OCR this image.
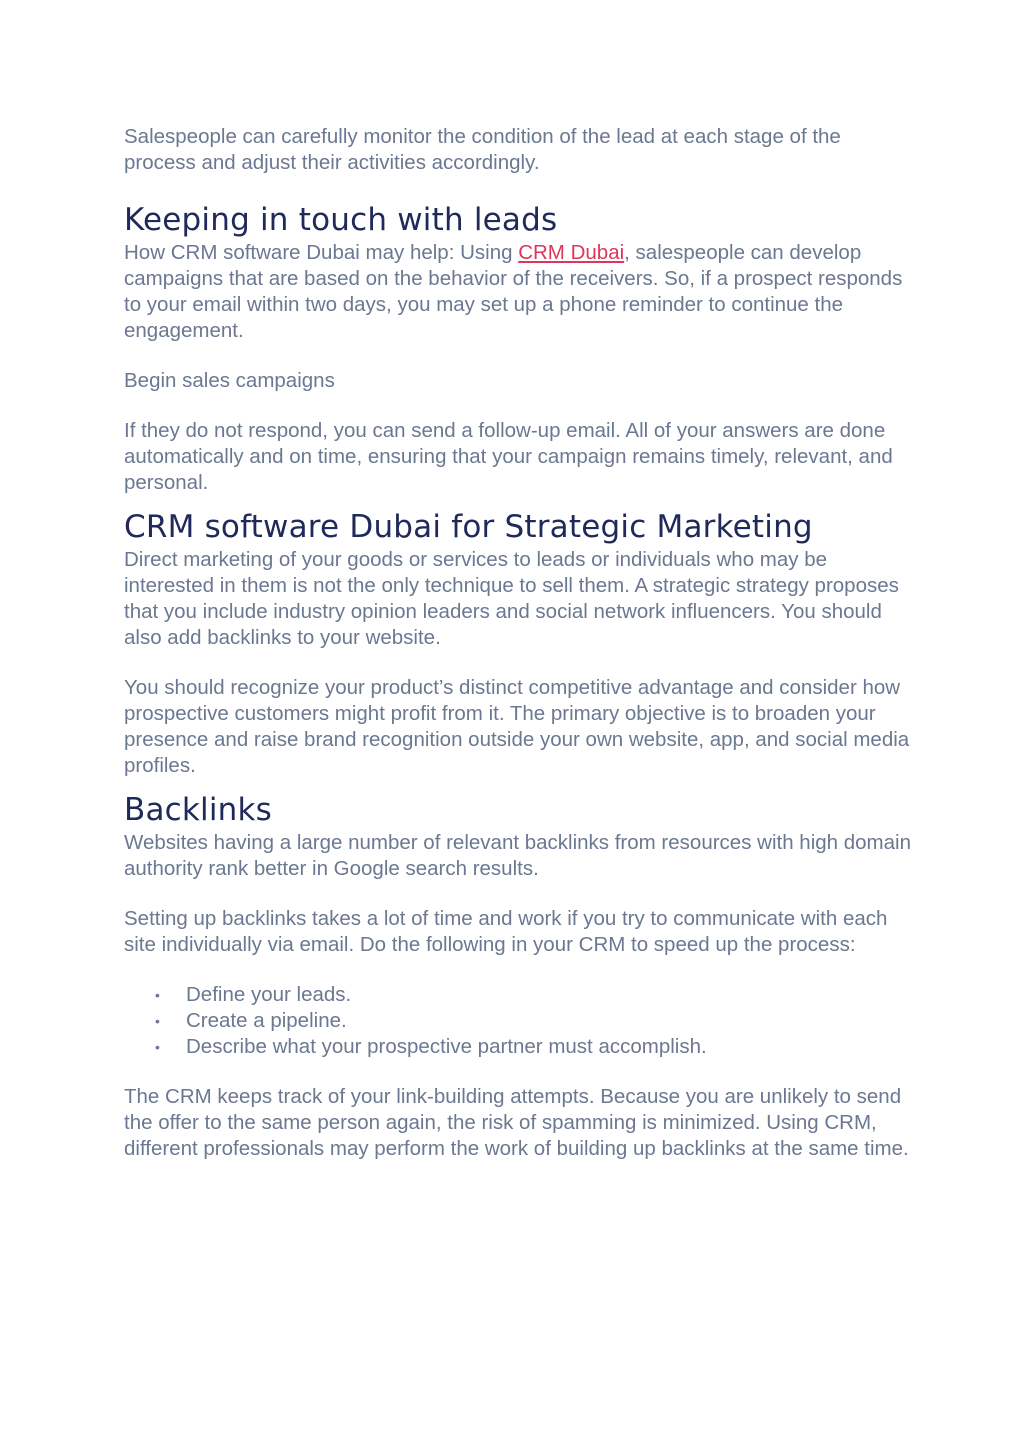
Salespeople can carefully monitor the condition of the lead at each stage of the process and adjust their activities accordingly.

Keeping in touch with leads

How CRM software Dubai may help: Using CRM Dubai, salespeople can develop campaigns that are based on the behavior of the receivers. So, if a prospect responds to your email within two days, you may set up a phone reminder to continue the engagement.

Begin sales campaigns

If they do not respond, you can send a follow-up email. All of your answers are done automatically and on time, ensuring that your campaign remains timely, relevant, and personal.

CRM software Dubai for Strategic Marketing

Direct marketing of your goods or services to leads or individuals who may be interested in them is not the only technique to sell them. A strategic strategy proposes that you include industry opinion leaders and social network influencers. You should also add backlinks to your website.

You should recognize your product’s distinct competitive advantage and consider how prospective customers might profit from it. The primary objective is to broaden your presence and raise brand recognition outside your own website, app, and social media profiles.

Backlinks

Websites having a large number of relevant backlinks from resources with high domain authority rank better in Google search results.

Setting up backlinks takes a lot of time and work if you try to communicate with each site individually via email. Do the following in your CRM to speed up the process:

• Define your leads.
• Create a pipeline.
• Describe what your prospective partner must accomplish.

The CRM keeps track of your link-building attempts. Because you are unlikely to send the offer to the same person again, the risk of spamming is minimized. Using CRM, different professionals may perform the work of building up backlinks at the same time.
